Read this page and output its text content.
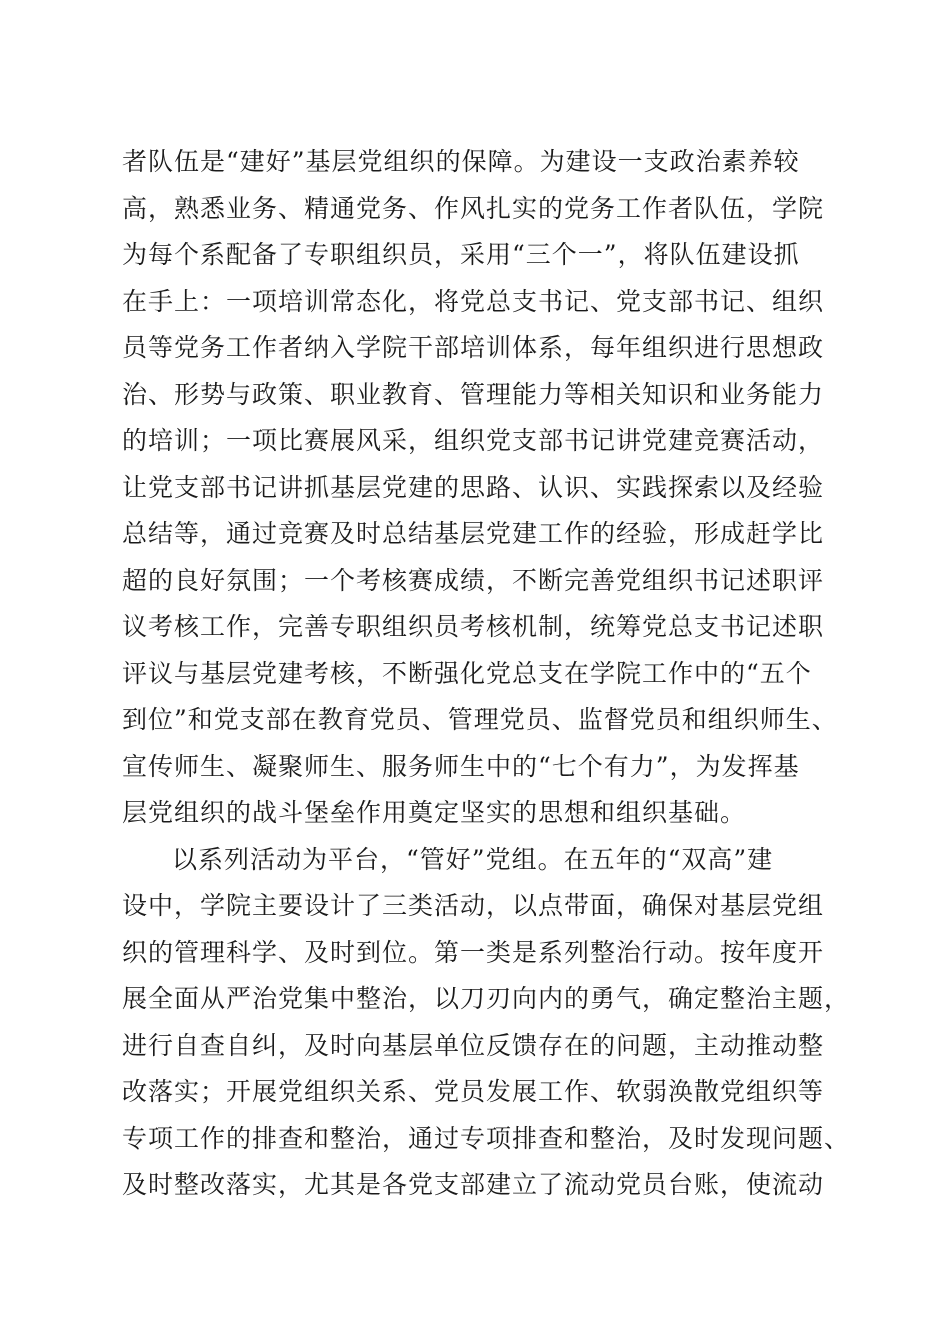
者队伍是“建好”基层党组织的保障。为建设一支政治素养较
高，熟悉业务、精通党务、作风扎实的党务工作者队伍，学院
为每个系配备了专职组织员，采用“三个一”，将队伍建设抓
在手上：一项培训常态化，将党总支书记、党支部书记、组织
员等党务工作者纳入学院干部培训体系，每年组织进行思想政
治、形势与政策、职业教育、管理能力等相关知识和业务能力
的培训；一项比赛展风采，组织党支部书记讲党建竞赛活动，
让党支部书记讲抓基层党建的思路、认识、实践探索以及经验
总结等，通过竞赛及时总结基层党建工作的经验，形成赶学比
超的良好氛围；一个考核赛成绩，不断完善党组织书记述职评
议考核工作，完善专职组织员考核机制，统筹党总支书记述职
评议与基层党建考核，不断强化党总支在学院工作中的“五个
到位”和党支部在教育党员、管理党员、监督党员和组织师生、
宣传师生、凝聚师生、服务师生中的“七个有力”，为发挥基
层党组织的战斗堡垒作用奠定坚实的思想和组织基础。
以系列活动为平台，“管好”党组。在五年的“双高”建
设中，学院主要设计了三类活动，以点带面，确保对基层党组
织的管理科学、及时到位。第一类是系列整治行动。按年度开
展全面从严治党集中整治，以刀刃向内的勇气，确定整治主题，
进行自查自纠，及时向基层单位反馈存在的问题，主动推动整
改落实；开展党组织关系、党员发展工作、软弱涣散党组织等
专项工作的排查和整治，通过专项排查和整治，及时发现问题、
及时整改落实，尤其是各党支部建立了流动党员台账，使流动
